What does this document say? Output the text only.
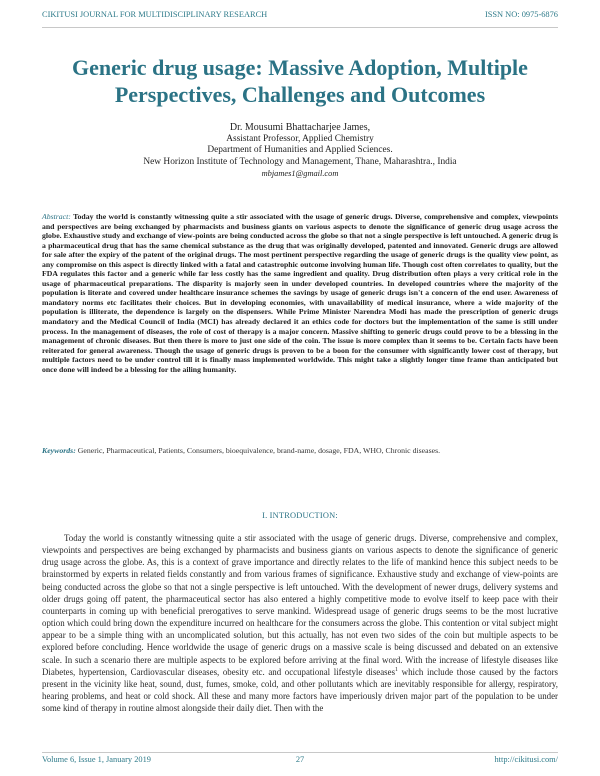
CIKITUSI JOURNAL FOR MULTIDISCIPLINARY RESEARCH	ISSN NO: 0975-6876
Generic drug usage: Massive Adoption, Multiple Perspectives, Challenges and Outcomes
Dr. Mousumi Bhattacharjee James,
Assistant Professor, Applied Chemistry
Department of Humanities and Applied Sciences.
New Horizon Institute of Technology and Management, Thane, Maharashtra., India
mbjames1@gmail.com
Abstract: Today the world is constantly witnessing quite a stir associated with the usage of generic drugs. Diverse, comprehensive and complex, viewpoints and perspectives are being exchanged by pharmacists and business giants on various aspects to denote the significance of generic drug usage across the globe. Exhaustive study and exchange of view-points are being conducted across the globe so that not a single perspective is left untouched. A generic drug is a pharmaceutical drug that has the same chemical substance as the drug that was originally developed, patented and innovated. Generic drugs are allowed for sale after the expiry of the patent of the original drugs. The most pertinent perspective regarding the usage of generic drugs is the quality view point, as any compromise on this aspect is directly linked with a fatal and catastrophic outcome involving human life. Though cost often correlates to quality, but the FDA regulates this factor and a generic while far less costly has the same ingredient and quality. Drug distribution often plays a very critical role in the usage of pharmaceutical preparations. The disparity is majorly seen in under developed countries. In developed countries where the majority of the population is literate and covered under healthcare insurance schemes the savings by usage of generic drugs isn't a concern of the end user. Awareness of mandatory norms etc facilitates their choices. But in developing economies, with unavailability of medical insurance, where a wide majority of the population is illiterate, the dependence is largely on the dispensers. While Prime Minister Narendra Modi has made the prescription of generic drugs mandatory and the Medical Council of India (MCI) has already declared it an ethics code for doctors but the implementation of the same is still under process. In the management of diseases, the role of cost of therapy is a major concern. Massive shifting to generic drugs could prove to be a blessing in the management of chronic diseases. But then there is more to just one side of the coin. The issue is more complex than it seems to be. Certain facts have been reiterated for general awareness. Though the usage of generic drugs is proven to be a boon for the consumer with significantly lower cost of therapy, but multiple factors need to be under control till it is finally mass implemented worldwide. This might take a slightly longer time frame than anticipated but once done will indeed be a blessing for the ailing humanity.
Keywords: Generic, Pharmaceutical, Patients, Consumers, bioequivalence, brand-name, dosage, FDA, WHO, Chronic diseases.
I. INTRODUCTION:
Today the world is constantly witnessing quite a stir associated with the usage of generic drugs. Diverse, comprehensive and complex, viewpoints and perspectives are being exchanged by pharmacists and business giants on various aspects to denote the significance of generic drug usage across the globe. As, this is a context of grave importance and directly relates to the life of mankind hence this subject needs to be brainstormed by experts in related fields constantly and from various frames of significance. Exhaustive study and exchange of view-points are being conducted across the globe so that not a single perspective is left untouched. With the development of newer drugs, delivery systems and older drugs going off patent, the pharmaceutical sector has also entered a highly competitive mode to evolve itself to keep pace with their counterparts in coming up with beneficial prerogatives to serve mankind. Widespread usage of generic drugs seems to be the most lucrative option which could bring down the expenditure incurred on healthcare for the consumers across the globe. This contention or vital subject might appear to be a simple thing with an uncomplicated solution, but this actually, has not even two sides of the coin but multiple aspects to be explored before concluding. Hence worldwide the usage of generic drugs on a massive scale is being discussed and debated on an extensive scale. In such a scenario there are multiple aspects to be explored before arriving at the final word. With the increase of lifestyle diseases like Diabetes, hypertension, Cardiovascular diseases, obesity etc. and occupational lifestyle diseases$^1$ which include those caused by the factors present in the vicinity like heat, sound, dust, fumes, smoke, cold, and other pollutants which are inevitably responsible for allergy, respiratory, hearing problems, and heat or cold shock. All these and many more factors have imperiously driven major part of the population to be under some kind of therapy in routine almost alongside their daily diet. Then with the
Volume 6, Issue 1, January 2019	27	http://cikitusi.com/
